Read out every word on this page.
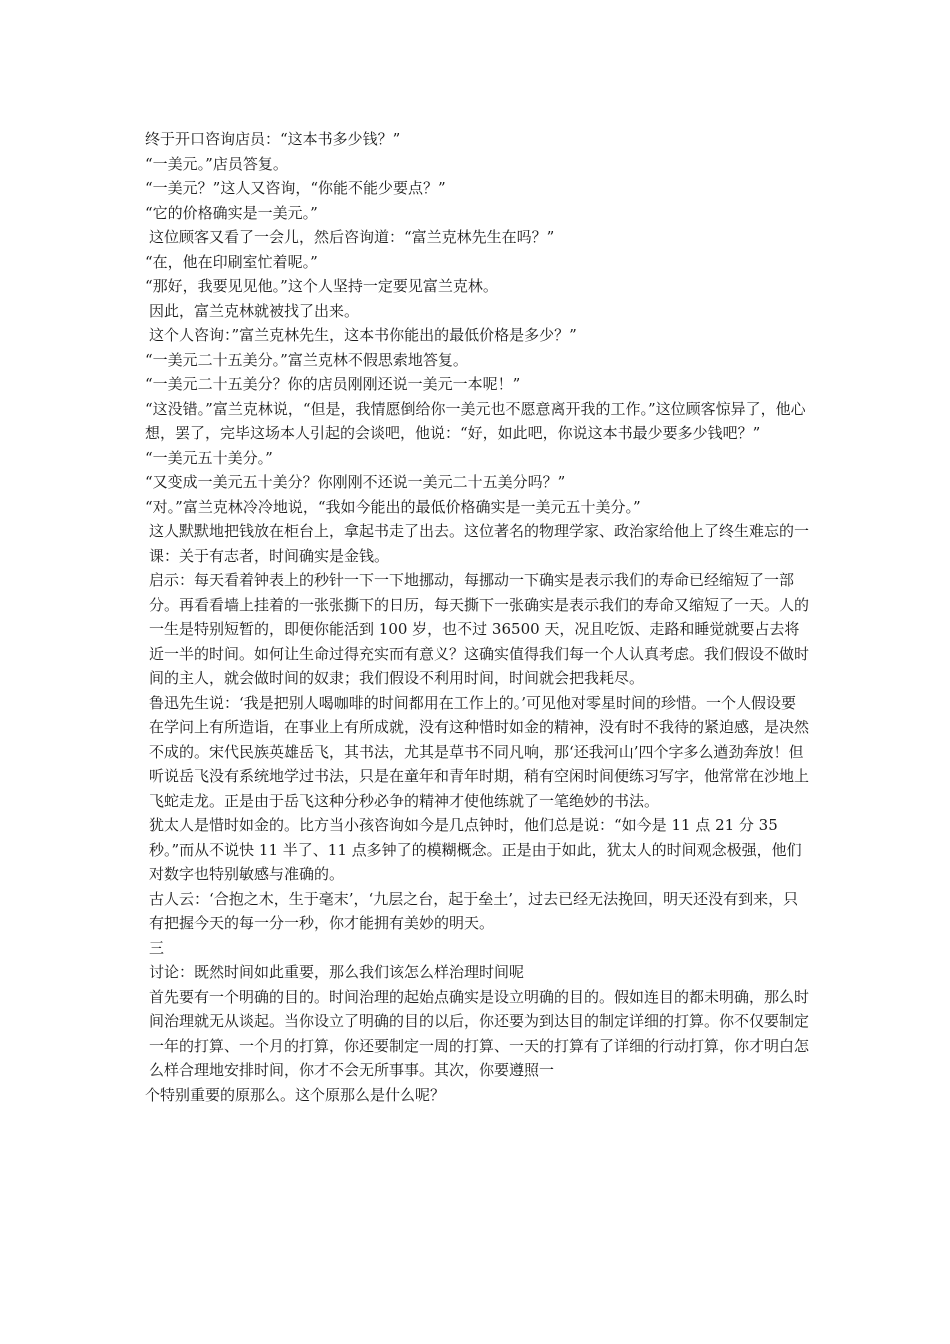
终于开口咨询店员：“这本书多少钱？”

“一美元。”店员答复。

“一美元？”这人又咨询，“你能不能少要点？”

“它的价格确实是一美元。”

这位顾客又看了一会儿，然后咨询道：“富兰克林先生在吗？”

“在，他在印刷室忙着呢。”

“那好，我要见见他。”这个人坚持一定要见富兰克林。

因此，富兰克林就被找了出来。

这个人咨询：”富兰克林先生，这本书你能出的最低价格是多少？”

“一美元二十五美分。”富兰克林不假思索地答复。

“一美元二十五美分？你的店员刚刚还说一美元一本呢！”

“这没错。”富兰克林说，“但是，我情愿倒给你一美元也不愿意离开我的工作。”这位顾客惊异了，他心想，罢了，完毕这场本人引起的会谈吧，他说：“好，如此吧，你说这本书最少要多少钱吧？”

“一美元五十美分。”

“又变成一美元五十美分？你刚刚不还说一美元二十五美分吗？”

“对。”富兰克林冷冷地说，“我如今能出的最低价格确实是一美元五十美分。”

这人默默地把钱放在柜台上，拿起书走了出去。这位著名的物理学家、政治家给他上了终生难忘的一课：关于有志者，时间确实是金钱。

启示：每天看着钟表上的秒针一下一下地挪动，每挪动一下确实是表示我们的寿命已经缩短了一部分。再看看墙上挂着的一张张撕下的日历，每天撕下一张确实是表示我们的寿命又缩短了一天。人的一生是特别短暂的，即便你能活到 100 岁，也不过 36500 天，况且吃饭、走路和睡觉就要占去将近一半的时间。如何让生命过得充实而有意义？这确实值得我们每一个人认真考虑。我们假设不做时间的主人，就会做时间的奴隶；我们假设不利用时间，时间就会把我耗尽。

鲁迅先生说：‘我是把别人喝咖啡的时间都用在工作上的。’可见他对零星时间的珍惜。一个人假设要在学问上有所造诣，在事业上有所成就，没有这种惜时如金的精神，没有时不我待的紧迫感，是决然不成的。宋代民族英雄岳飞，其书法，尤其是草书不同凡响，那‘还我河山’四个字多么遒劲奔放！但听说岳飞没有系统地学过书法，只是在童年和青年时期，稍有空闲时间便练习写字，他常常在沙地上飞蛇走龙。正是由于岳飞这种分秒必争的精神才使他练就了一笔绝妙的书法。

犹太人是惜时如金的。比方当小孩咨询如今是几点钟时，他们总是说：“如今是 11 点 21 分 35 秒。”而从不说快 11 半了、11 点多钟了的模糊概念。正是由于如此，犹太人的时间观念极强，他们对数字也特别敏感与准确的。

古人云：‘合抱之木，生于毫末’，‘九层之台，起于垒土’，过去已经无法挽回，明天还没有到来，只有把握今天的每一分一秒，你才能拥有美妙的明天。

三

讨论：既然时间如此重要，那么我们该怎么样治理时间呢

首先要有一个明确的目的。时间治理的起始点确实是设立明确的目的。假如连目的都未明确，那么时间治理就无从谈起。当你设立了明确的目的以后，你还要为到达目的制定详细的打算。你不仅要制定一年的打算、一个月的打算，你还要制定一周的打算、一天的打算有了详细的行动打算，你才明白怎么样合理地安排时间，你才不会无所事事。其次，你要遵照一

个特别重要的原那么。这个原那么是什么呢？
